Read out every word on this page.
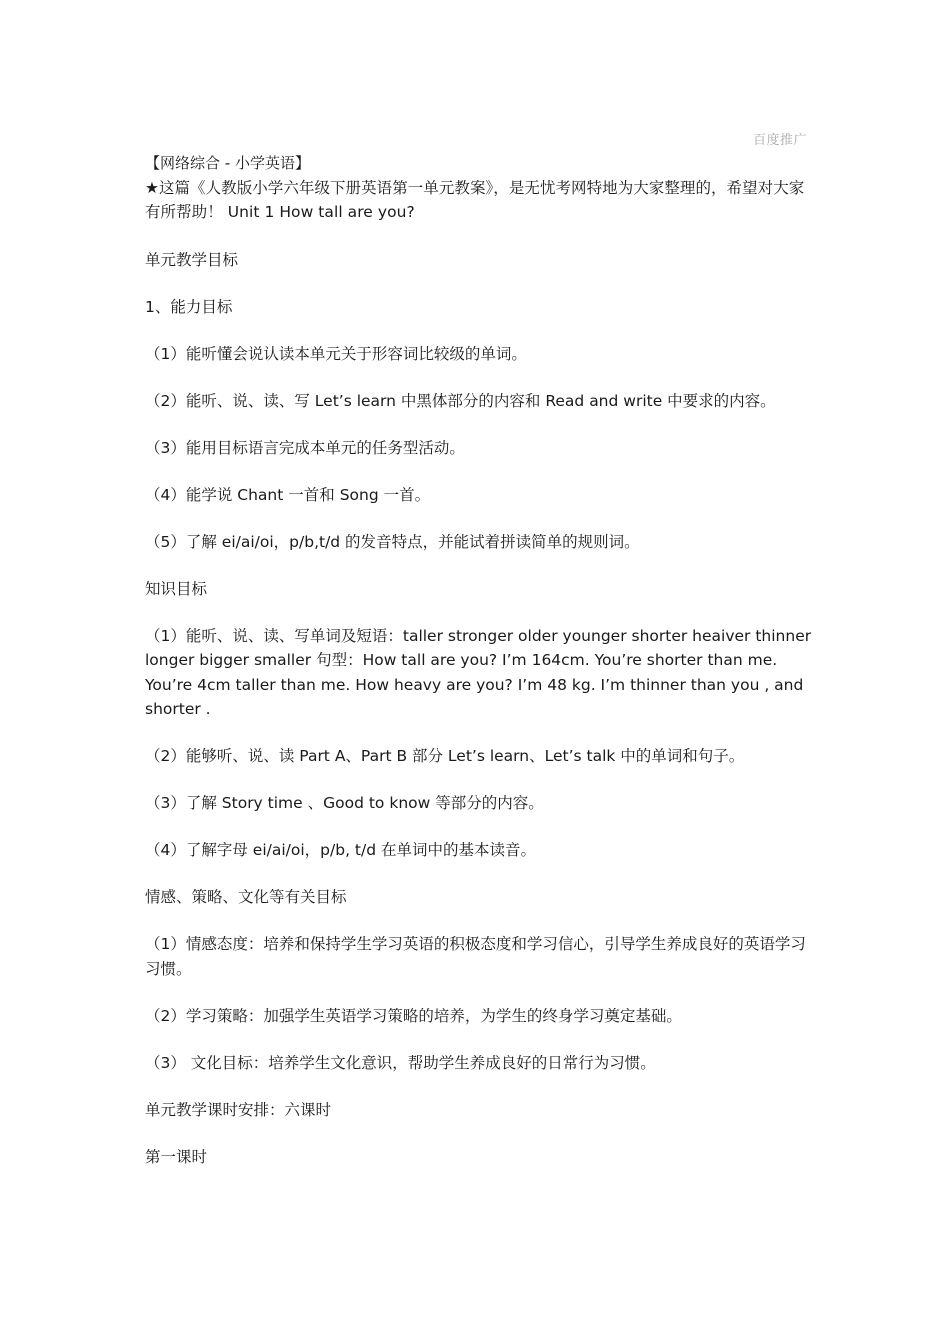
百度推广

【网络综合 - 小学英语】

★这篇《人教版小学六年级下册英语第一单元教案》，是无忧考网特地为大家整理的，希望对大家有所帮助！ Unit 1 How tall are you?

单元教学目标

1、能力目标

（1）能听懂会说认读本单元关于形容词比较级的单词。

（2）能听、说、读、写 Let’s learn 中黑体部分的内容和 Read and write 中要求的内容。

（3）能用目标语言完成本单元的任务型活动。

（4）能学说 Chant 一首和 Song 一首。

（5）了解 ei/ai/oi，p/b,t/d 的发音特点，并能试着拼读简单的规则词。

知识目标

（1）能听、说、读、写单词及短语：taller stronger older younger shorter heaiver thinner longer bigger smaller 句型：How tall are you? I’m 164cm. You’re shorter than me. You’re 4cm taller than me. How heavy are you? I’m 48 kg. I’m thinner than you , and shorter .

（2）能够听、说、读 Part A、Part B 部分 Let’s learn、Let’s talk 中的单词和句子。

（3）了解 Story time 、Good to know 等部分的内容。

（4）了解字母 ei/ai/oi，p/b, t/d 在单词中的基本读音。

情感、策略、文化等有关目标

（1）情感态度：培养和保持学生学习英语的积极态度和学习信心，引导学生养成良好的英语学习习惯。

（2）学习策略：加强学生英语学习策略的培养，为学生的终身学习奠定基础。

（3） 文化目标：培养学生文化意识，帮助学生养成良好的日常行为习惯。

单元教学课时安排：六课时

第一课时
